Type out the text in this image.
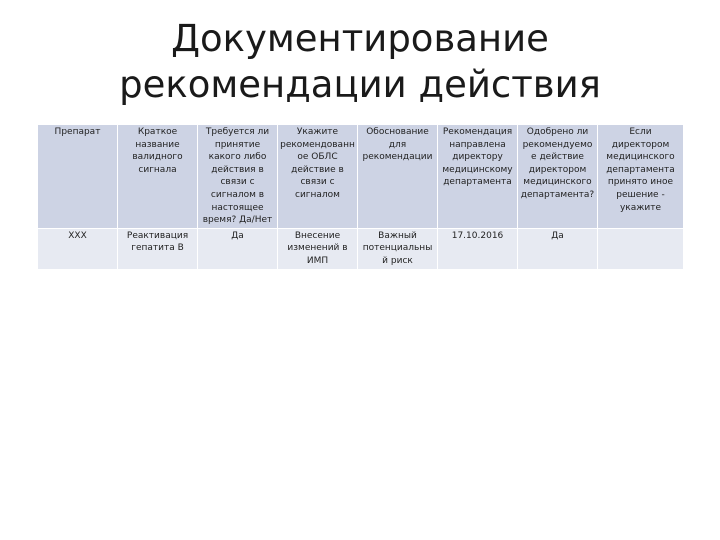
Документирование
рекомендации действия
Препарат	Краткое название валидного сигнала	Требуется ли принятие какого либо действия в связи с сигналом в настоящее время? Да/Нет	Укажите рекомендованн ое ОБЛС действие в связи с сигналом	Обоснование для рекомендации	Рекомендация направлена директору медицинскому департамента	Одобрено ли рекомендуемое действие директором медицинского департамента?	Если директором медицинского департамента принято иное решение - укажите
XXX	Реактивация гепатита В	Да	Внесение изменений в ИМП	Важный потенциальный риск	17.10.2016	Да	
